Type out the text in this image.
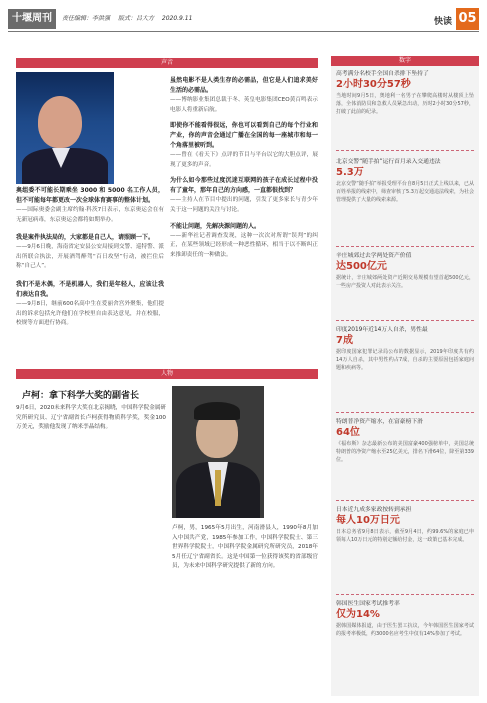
十堰周刊	责任编辑：李洪强 版式：吕大方 2020.9.11	快读 05
声音
奥组委不可能长期乘坐 3000 和 5000 名工作人员，但不可能每年都更改一次全球体育赛事的整体计划。
——国际奥委会副主席约翰·科茨7日表示，东京奥运会在有无新冠病毒，东京奥运会都将如期举办。
我是案件执法局的，大家都是自己人，请照顾一下。
——9月6日晚，海南省定安县公安局接到交警、巡特警、派出所联合执法，开展酒驾醉驾“百日攻坚”行动，被拦住后称“自己人”。
我们不是木偶，不是机器人，我们是年轻人，应该让我们表达自我。
——9月8日，继前600名高中生在爱丽舍宫外聚集，他们提出的诉求包括允许他们在学校里自由表达意见，并在校服，校规等方面进行协商。
虽然电影不是人类生存的必需品，但它是人们追求美好生活的必需品。
——博纳影业集团总裁于冬、英皇电影集团CEO黄百鸣表示电影人将重新启航。
即使你不能看得很远，你也可以看到自己的每个行业和产业，你的声音会通过广播在全国的每一座城市和每一个角落里被听到。
——曾在《看天下》点评的节目与平台以它的大胆点评，展现了更多的声音。
为什么如今那些过度沉迷互联网的孩子在成长过程中没有了童年，那年自己的方向感，一直都很找到？
——主持人在节目中提出的问题，引发了更多家长与青少年关于这一问题的关注与讨论。
不能让问题，先解决源问题的人。
——新华社记者调查发现，这种一次次对所谓“误判”的纠正，在某些领域已经形成一种恶性循环，相当于以不断纠正来推卸责任的一种做法。
人物
卢柯：拿下科学大奖的副省长
9月6日，2020未来科学大奖在北京揭晓，中国科学院金属研究所研究员、辽宁省副省长卢柯获得物质科学奖，奖金100万美元，奖励他发现了纳米孪晶结构。
卢柯，男，1965年5月出生，河南滑县人，1990年8月加入中国共产党，1985年参加工作，中国科学院院士、第三世界科学院院士，中国科学院金属研究所研究员，2018年5月任辽宁省副省长。这是中国第一位获得该奖的省部级官员，为未来中国科学研究提供了新的方向。
数字
高考满分名校手全国自杀排下坠持了
2小时30分57秒
当地时间9月5日，奥地利一名男子在攀爬高楼时从楼顶上坠落，全体消防员和急救人员紧急出动，历时2小时30分57秒，打破了此前的纪录。
北京交警“随手拍”运行首月录入交通违法
5.3万
北京交警“随手拍”举报受理平台自8月5日正式上线以来，已从百姓举报的线索中，筛查审核了5.3万起交通违法线索，为社会管理提供了大量的线索来源。
辛庄城郊过去学两处资产价值
达500亿元
据统计，辛庄城郊两处资产近期交易规模有望首超500亿元，一些房产投资人对此表示关注。
印度2019年近14万人自杀，男性最
7成
据印度国家犯罪记录局公布的数据显示，2019年印度共有约14万人自杀，其中男性约占7成，自杀的主要原因包括家庭问题和疾病等。
特朗普净资产缩水，在富豪榜下滑
64位
《福布斯》杂志最新公布的美国富豪400强榜单中，美国总统特朗普的净资产缩水至25亿美元，排名下滑64位，降至第339位。
日本近九成多家政按转到承担
每人10万日元
日本总务省9月8日表示，截至9月4日，约99.6%的家庭已申领每人10万日元的特别定额给付金，这一政策已基本完成。
韩国医生国家考试推考率
仅为14%
据韩国媒体报道，由于医生罢工抗议，今年韩国医生国家考试的报考率极低，约3000名应考生中仅有14%参加了考试。
